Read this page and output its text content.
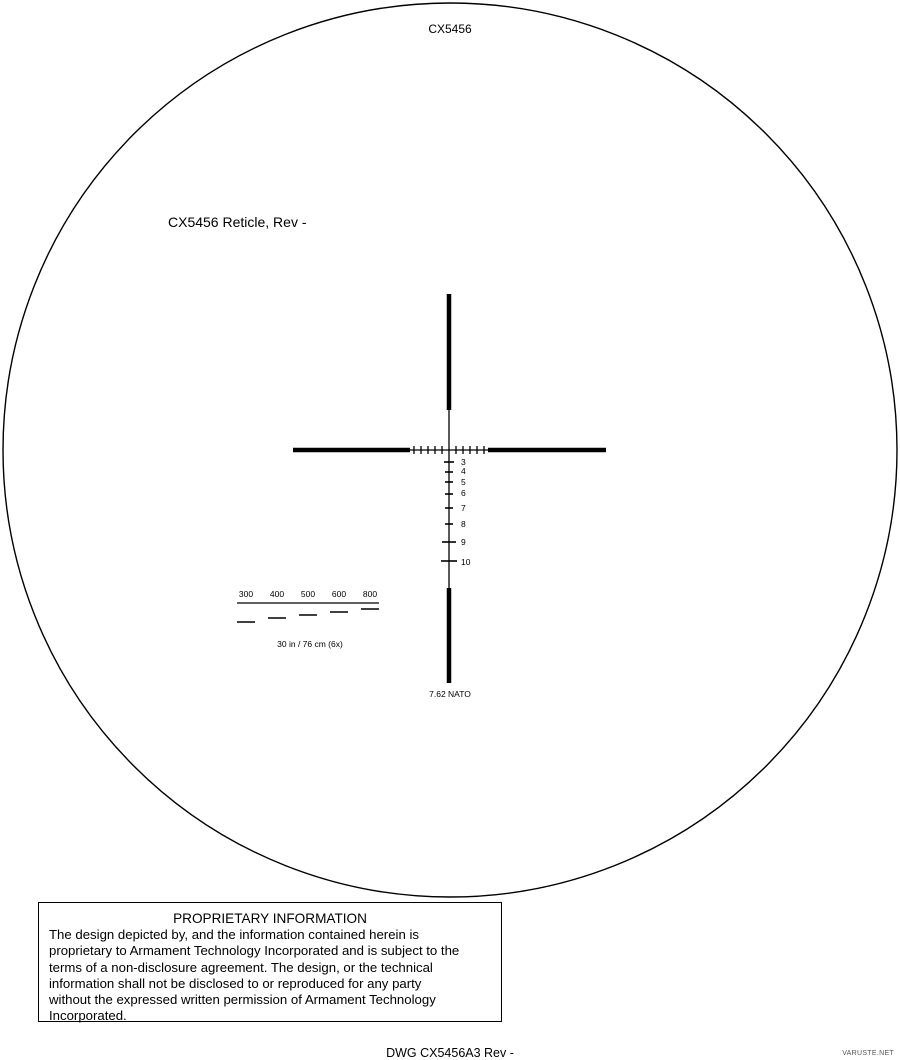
CX5456
CX5456 Reticle, Rev -
3
4
5
6
7
8
9
10
300 400 500 600 800
30 in / 76 cm (6x)
7.62 NATO

PROPRIETARY INFORMATION

The design depicted by, and the information contained herein is
proprietary to Armament Technology Incorporated and is subject to the
terms of a non-disclosure agreement. The design, or the technical
information shall not be disclosed to or reproduced for any party
without the expressed written permission of Armament Technology
Incorporated.

DWG CX5456A3 Rev -	VARUSTE.NET
